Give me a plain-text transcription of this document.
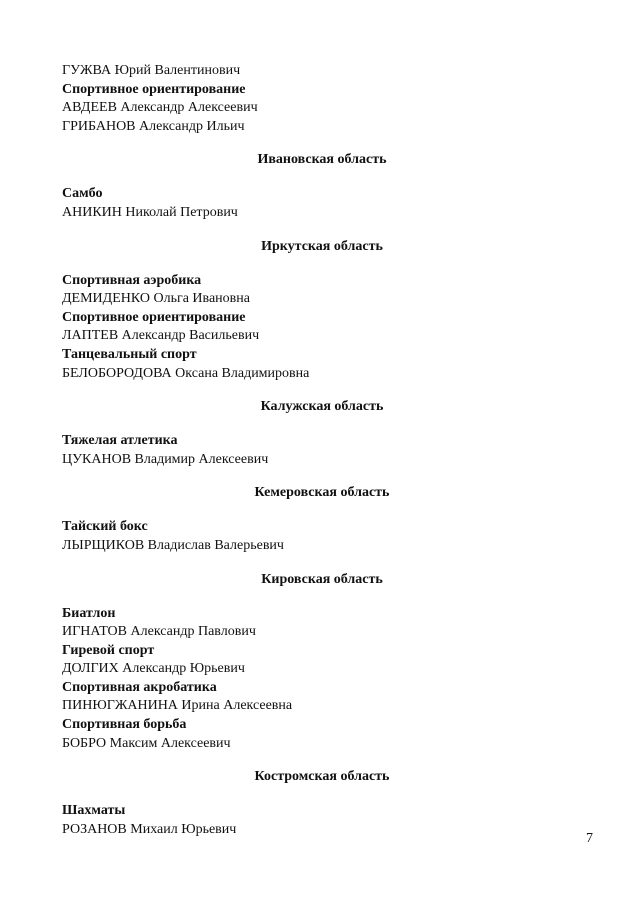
ГУЖВА Юрий Валентинович
Спортивное ориентирование
АВДЕЕВ Александр Алексеевич
ГРИБАНОВ Александр Ильич
Ивановская область
Самбо
АНИКИН Николай Петрович
Иркутская область
Спортивная аэробика
ДЕМИДЕНКО Ольга Ивановна
Спортивное ориентирование
ЛАПТЕВ Александр Васильевич
Танцевальный спорт
БЕЛОБОРОДОВА Оксана Владимировна
Калужская область
Тяжелая атлетика
ЦУКАНОВ Владимир Алексеевич
Кемеровская область
Тайский бокс
ЛЫРЩИКОВ Владислав Валерьевич
Кировская область
Биатлон
ИГНАТОВ Александр Павлович
Гиревой спорт
ДОЛГИХ Александр Юрьевич
Спортивная акробатика
ПИНЮГЖАНИНА Ирина Алексеевна
Спортивная борьба
БОБРО Максим Алексеевич
Костромская область
Шахматы
РОЗАНОВ Михаил Юрьевич
7
